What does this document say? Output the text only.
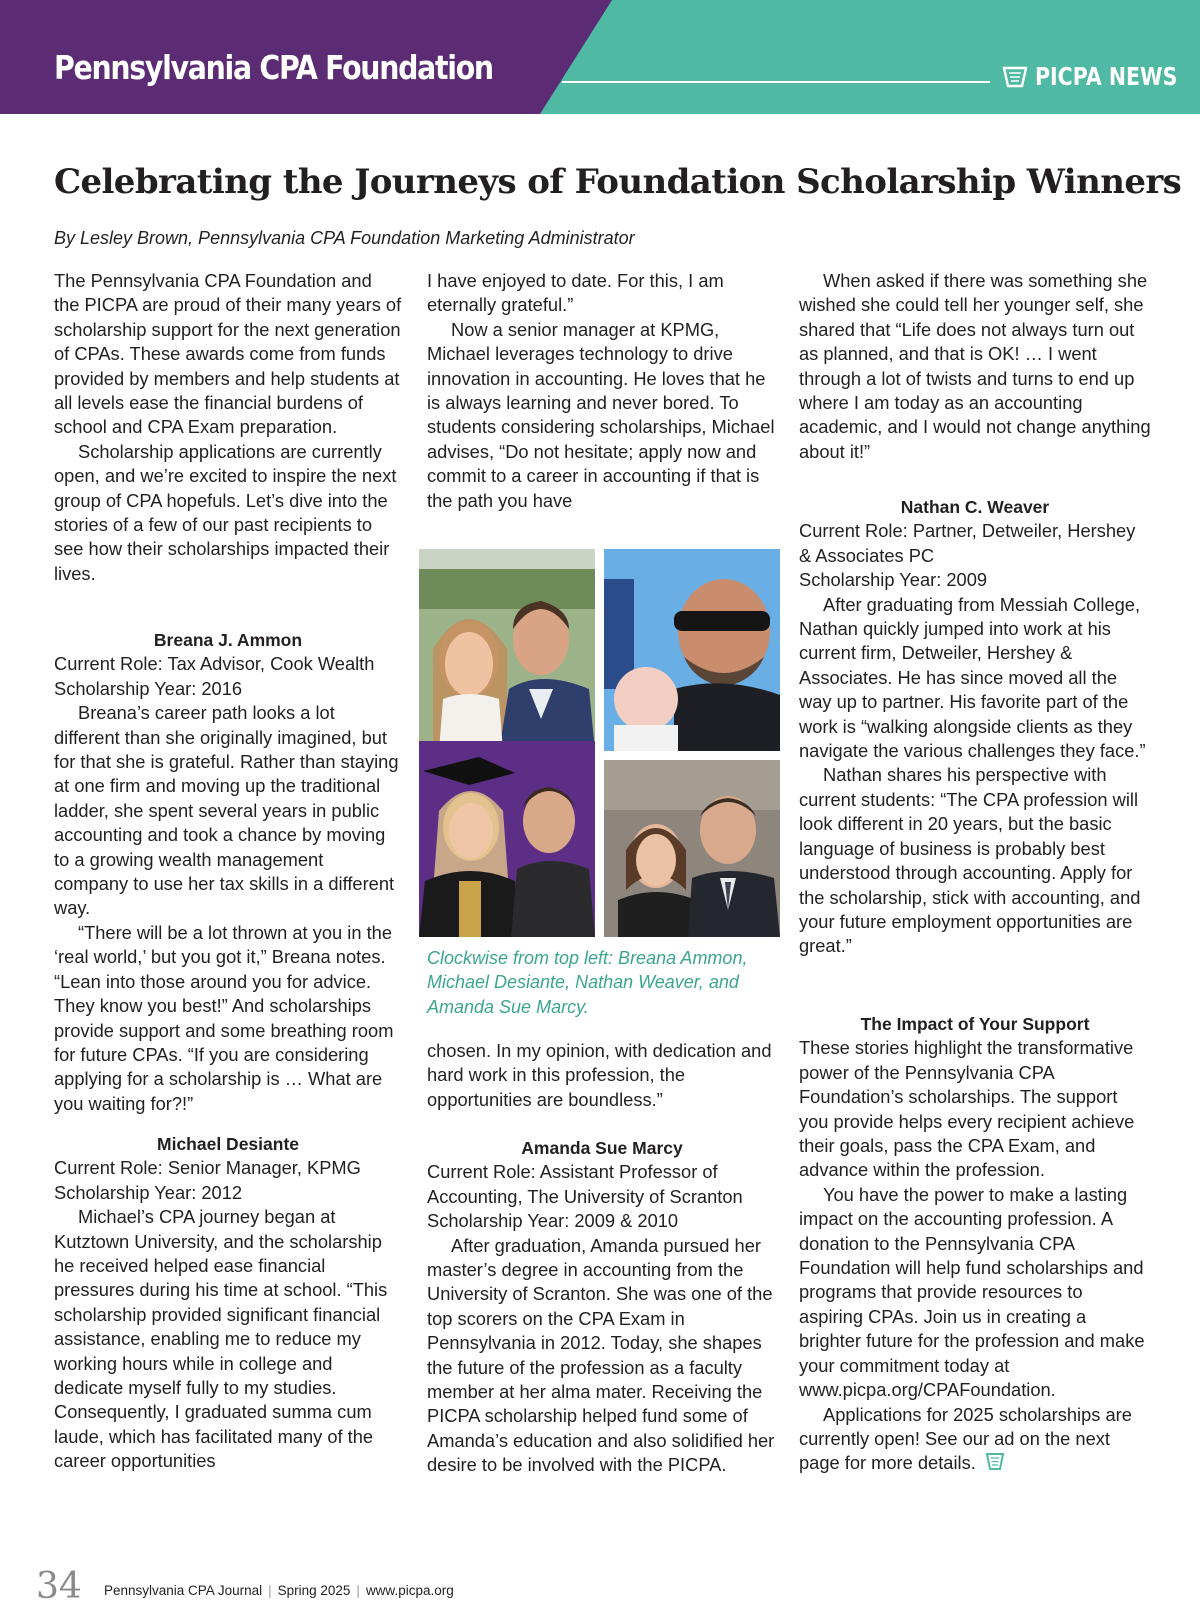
Pennsylvania CPA Foundation	PICPA NEWS
Celebrating the Journeys of Foundation Scholarship Winners
By Lesley Brown, Pennsylvania CPA Foundation Marketing Administrator

The Pennsylvania CPA Foundation and the PICPA are proud of their many years of scholarship support for the next generation of CPAs. These awards come from funds provided by members and help students at all levels ease the financial burdens of school and CPA Exam preparation.

Scholarship applications are currently open, and we’re excited to inspire the next group of CPA hopefuls. Let’s dive into the stories of a few of our past recipients to see how their scholarships impacted their lives.

Breana J. Ammon

Current Role: Tax Advisor, Cook Wealth

Scholarship Year: 2016

Breana’s career path looks a lot different than she originally imagined, but for that she is grateful. Rather than staying at one firm and moving up the traditional ladder, she spent several years in public accounting and took a chance by moving to a growing wealth management company to use her tax skills in a different way.

“There will be a lot thrown at you in the ‘real world,’ but you got it,” Breana notes. “Lean into those around you for advice. They know you best!” And scholarships provide support and some breathing room for future CPAs. “If you are considering applying for a scholarship is … What are you waiting for?!”

Michael Desiante

Current Role: Senior Manager, KPMG

Scholarship Year: 2012

Michael’s CPA journey began at Kutztown University, and the scholarship he received helped ease financial pressures during his time at school. “This scholarship provided significant financial assistance, enabling me to reduce my working hours while in college and dedicate myself fully to my studies. Consequently, I graduated summa cum laude, which has facilitated many of the career opportunities

I have enjoyed to date. For this, I am eternally grateful.”

Now a senior manager at KPMG, Michael leverages technology to drive innovation in accounting. He loves that he is always learning and never bored. To students considering scholarships, Michael advises, “Do not hesitate; apply now and commit to a career in accounting if that is the path you have

Clockwise from top left: Breana Ammon, Michael Desiante, Nathan Weaver, and Amanda Sue Marcy.

chosen. In my opinion, with dedication and hard work in this profession, the opportunities are boundless.”

Amanda Sue Marcy

Current Role: Assistant Professor of Accounting, The University of Scranton

Scholarship Year: 2009 & 2010

After graduation, Amanda pursued her master’s degree in accounting from the University of Scranton. She was one of the top scorers on the CPA Exam in Pennsylvania in 2012. Today, she shapes the future of the profession as a faculty member at her alma mater. Receiving the PICPA scholarship helped fund some of Amanda’s education and also solidified her desire to be involved with the PICPA.

When asked if there was something she wished she could tell her younger self, she shared that “Life does not always turn out as planned, and that is OK! … I went through a lot of twists and turns to end up where I am today as an accounting academic, and I would not change anything about it!”

Nathan C. Weaver

Current Role: Partner, Detweiler, Hershey & Associates PC

Scholarship Year: 2009

After graduating from Messiah College, Nathan quickly jumped into work at his current firm, Detweiler, Hershey & Associates. He has since moved all the way up to partner. His favorite part of the work is “walking alongside clients as they navigate the various challenges they face.”

Nathan shares his perspective with current students: “The CPA profession will look different in 20 years, but the basic language of business is probably best understood through accounting. Apply for the scholarship, stick with accounting, and your future employment opportunities are great.”

The Impact of Your Support

These stories highlight the transformative power of the Pennsylvania CPA Foundation’s scholarships. The support you provide helps every recipient achieve their goals, pass the CPA Exam, and advance within the profession.

You have the power to make a lasting impact on the accounting profession. A donation to the Pennsylvania CPA Foundation will help fund scholarships and programs that provide resources to aspiring CPAs. Join us in creating a brighter future for the profession and make your commitment today at www.picpa.org/CPAFoundation.

Applications for 2025 scholarships are currently open! See our ad on the next page for more details.

34 Pennsylvania CPA Journal | Spring 2025 | www.picpa.org
